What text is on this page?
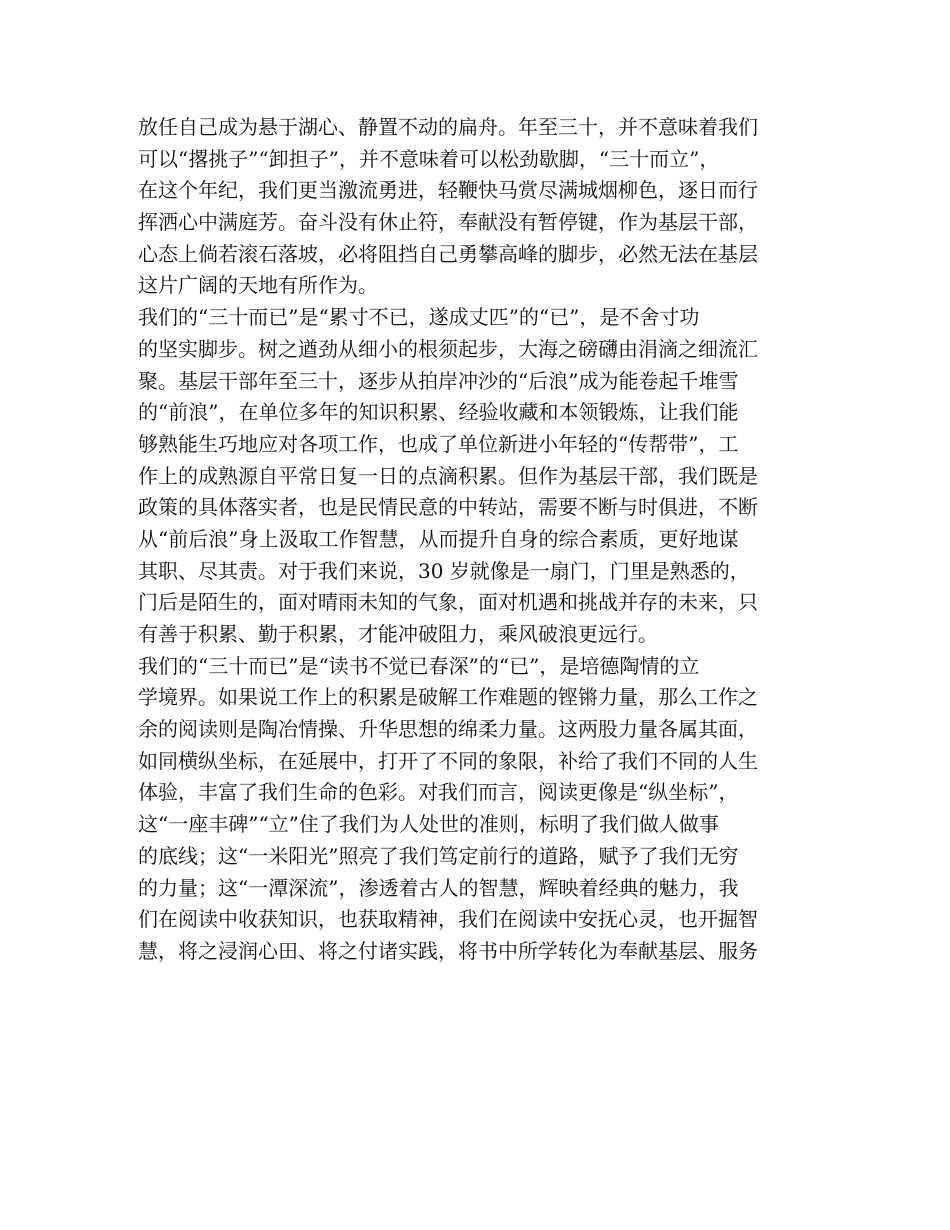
放任自己成为悬于湖心、静置不动的扁舟。年至三十，并不意味着我们
可以“撂挑子”“卸担子”，并不意味着可以松劲歇脚，“三十而立”，
在这个年纪，我们更当激流勇进，轻鞭快马赏尽满城烟柳色，逐日而行
挥洒心中满庭芳。奋斗没有休止符，奉献没有暂停键，作为基层干部，
心态上倘若滚石落坡，必将阻挡自己勇攀高峰的脚步，必然无法在基层
这片广阔的天地有所作为。
我们的“三十而已”是“累寸不已，遂成丈匹”的“已”，是不舍寸功
的坚实脚步。树之遒劲从细小的根须起步，大海之磅礴由涓滴之细流汇
聚。基层干部年至三十，逐步从拍岸冲沙的“后浪”成为能卷起千堆雪
的“前浪”，在单位多年的知识积累、经验收藏和本领锻炼，让我们能
够熟能生巧地应对各项工作，也成了单位新进小年轻的“传帮带”，工
作上的成熟源自平常日复一日的点滴积累。但作为基层干部，我们既是
政策的具体落实者，也是民情民意的中转站，需要不断与时俱进，不断
从“前后浪”身上汲取工作智慧，从而提升自身的综合素质，更好地谋
其职、尽其责。对于我们来说，30 岁就像是一扇门，门里是熟悉的，
门后是陌生的，面对晴雨未知的气象，面对机遇和挑战并存的未来，只
有善于积累、勤于积累，才能冲破阻力，乘风破浪更远行。
我们的“三十而已”是“读书不觉已春深”的“已”，是培德陶情的立
学境界。如果说工作上的积累是破解工作难题的铿锵力量，那么工作之
余的阅读则是陶冶情操、升华思想的绵柔力量。这两股力量各属其面，
如同横纵坐标，在延展中，打开了不同的象限，补给了我们不同的人生
体验，丰富了我们生命的色彩。对我们而言，阅读更像是“纵坐标”，
这“一座丰碑”“立”住了我们为人处世的准则，标明了我们做人做事
的底线；这“一米阳光”照亮了我们笃定前行的道路，赋予了我们无穷
的力量；这“一潭深流”，渗透着古人的智慧，辉映着经典的魅力，我
们在阅读中收获知识，也获取精神，我们在阅读中安抚心灵，也开掘智
慧，将之浸润心田、将之付诸实践，将书中所学转化为奉献基层、服务
